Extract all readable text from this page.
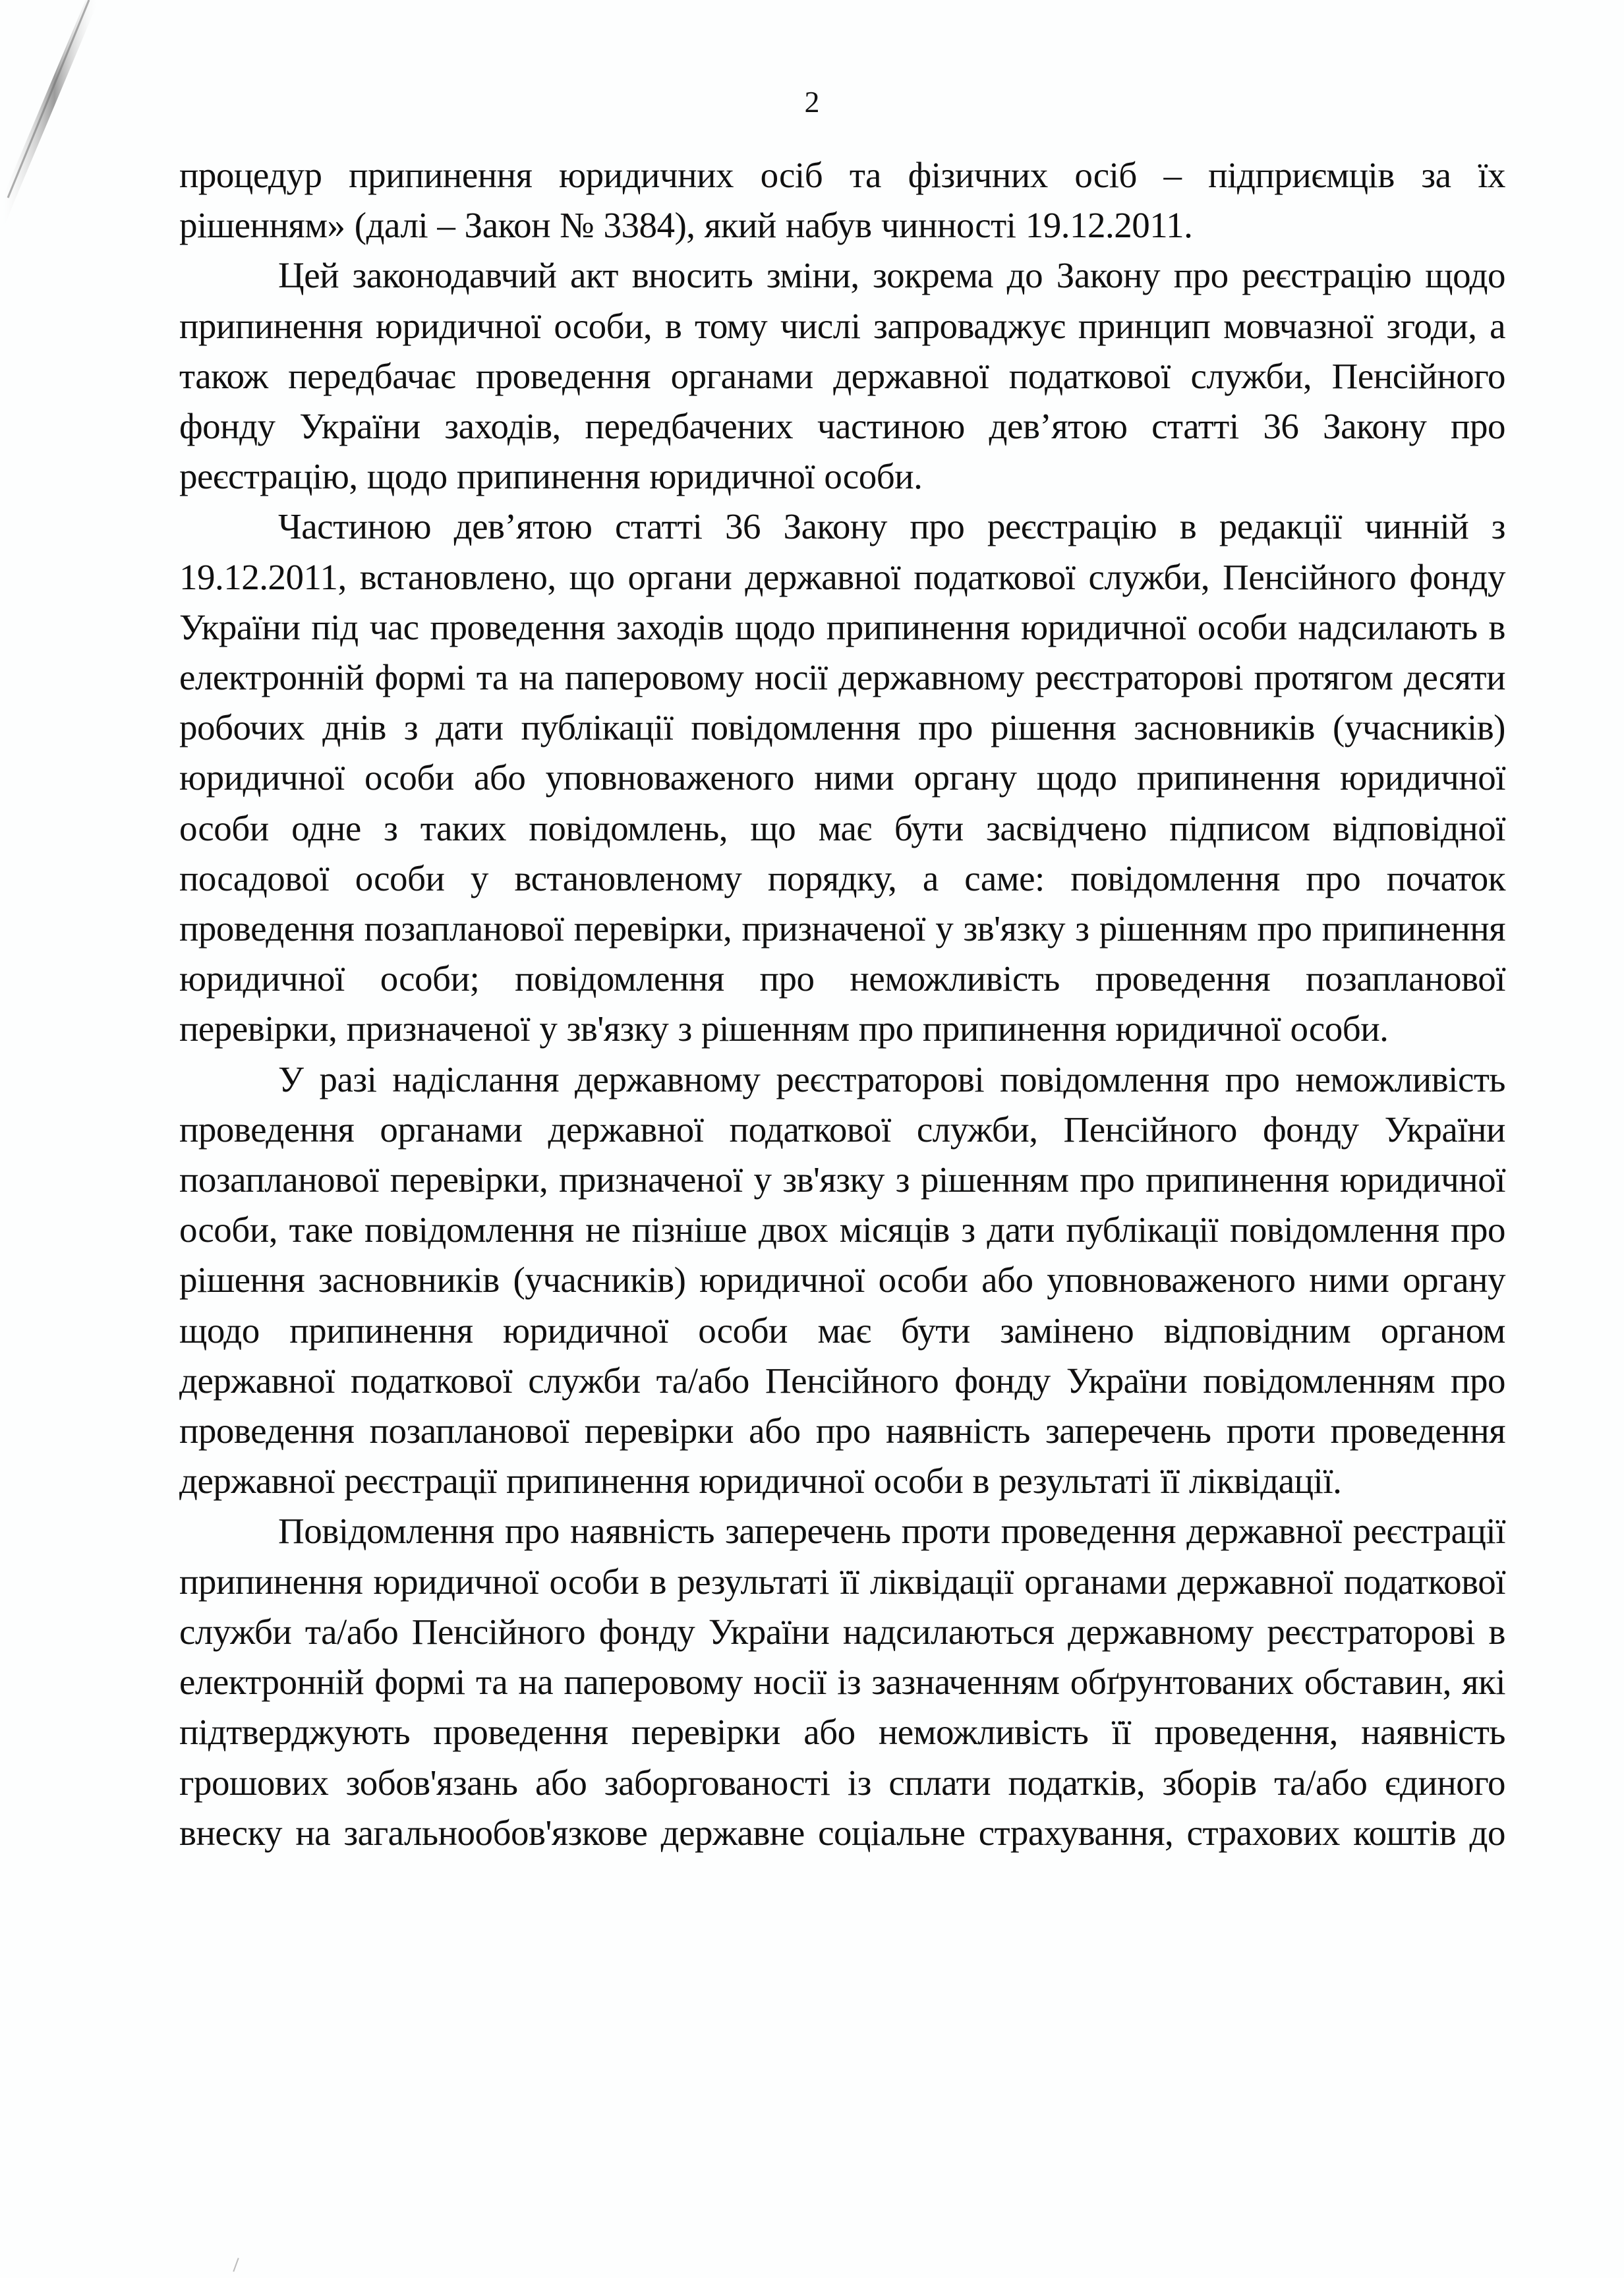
2

процедур припинення юридичних осіб та фізичних осіб – підприємців за їх рішенням» (далі – Закон № 3384), який набув чинності 19.12.2011.

Цей законодавчий акт вносить зміни, зокрема до Закону про реєстрацію щодо припинення юридичної особи, в тому числі запроваджує принцип мовчазної згоди, а також передбачає проведення органами державної податкової служби, Пенсійного фонду України заходів, передбачених частиною дев’ятою статті 36 Закону про реєстрацію, щодо припинення юридичної особи.

Частиною дев’ятою статті 36 Закону про реєстрацію в редакції чинній з 19.12.2011, встановлено, що органи державної податкової служби, Пенсійного фонду України під час проведення заходів щодо припинення юридичної особи надсилають в електронній формі та на паперовому носії державному реєстраторові протягом десяти робочих днів з дати публікації повідомлення про рішення засновників (учасників) юридичної особи або уповноваженого ними органу щодо припинення юридичної особи одне з таких повідомлень, що має бути засвідчено підписом відповідної посадової особи у встановленому порядку, а саме: повідомлення про початок проведення позапланової перевірки, призначеної у зв'язку з рішенням про припинення юридичної особи; повідомлення про неможливість проведення позапланової перевірки, призначеної у зв'язку з рішенням про припинення юридичної особи.

У разі надіслання державному реєстраторові повідомлення про неможливість проведення органами державної податкової служби, Пенсійного фонду України позапланової перевірки, призначеної у зв'язку з рішенням про припинення юридичної особи, таке повідомлення не пізніше двох місяців з дати публікації повідомлення про рішення засновників (учасників) юридичної особи або уповноваженого ними органу щодо припинення юридичної особи має бути замінено відповідним органом державної податкової служби та/або Пенсійного фонду України повідомленням про проведення позапланової перевірки або про наявність заперечень проти проведення державної реєстрації припинення юридичної особи в результаті її ліквідації.

Повідомлення про наявність заперечень проти проведення державної реєстрації припинення юридичної особи в результаті її ліквідації органами державної податкової служби та/або Пенсійного фонду України надсилаються державному реєстраторові в електронній формі та на паперовому носії із зазначенням обґрунтованих обставин, які підтверджують проведення перевірки або неможливість її проведення, наявність грошових зобов'язань або заборгованості із сплати податків, зборів та/або єдиного внеску на загальнообов'язкове державне соціальне страхування, страхових коштів до
